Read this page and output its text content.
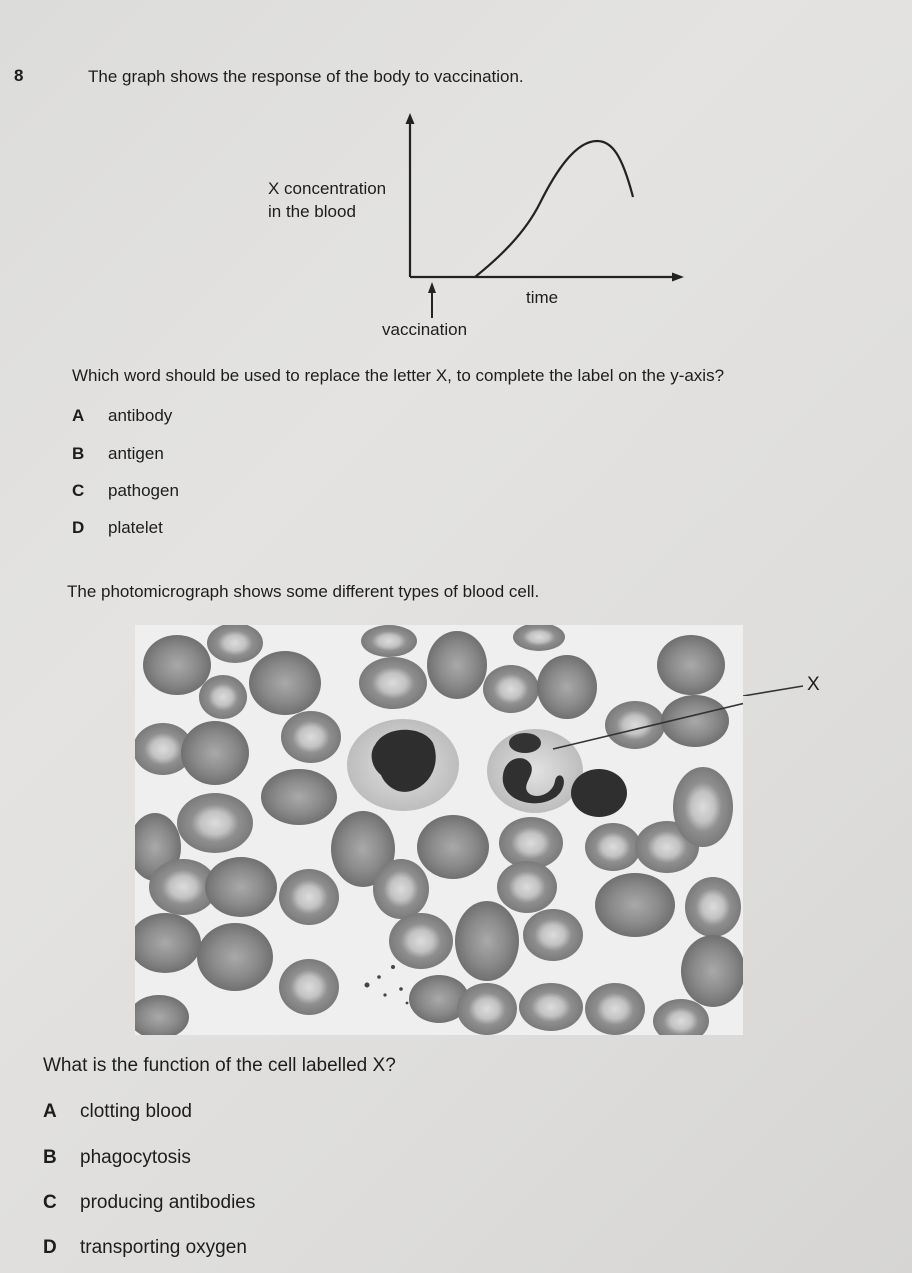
8	The graph shows the response of the body to vaccination.
X concentration
in the blood
time
vaccination
Which word should be used to replace the letter X, to complete the label on the y-axis?
A antibody
B antigen
C pathogen
D platelet
The photomicrograph shows some different types of blood cell.
X
What is the function of the cell labelled X?
A clotting blood
B phagocytosis
C producing antibodies
D transporting oxygen
